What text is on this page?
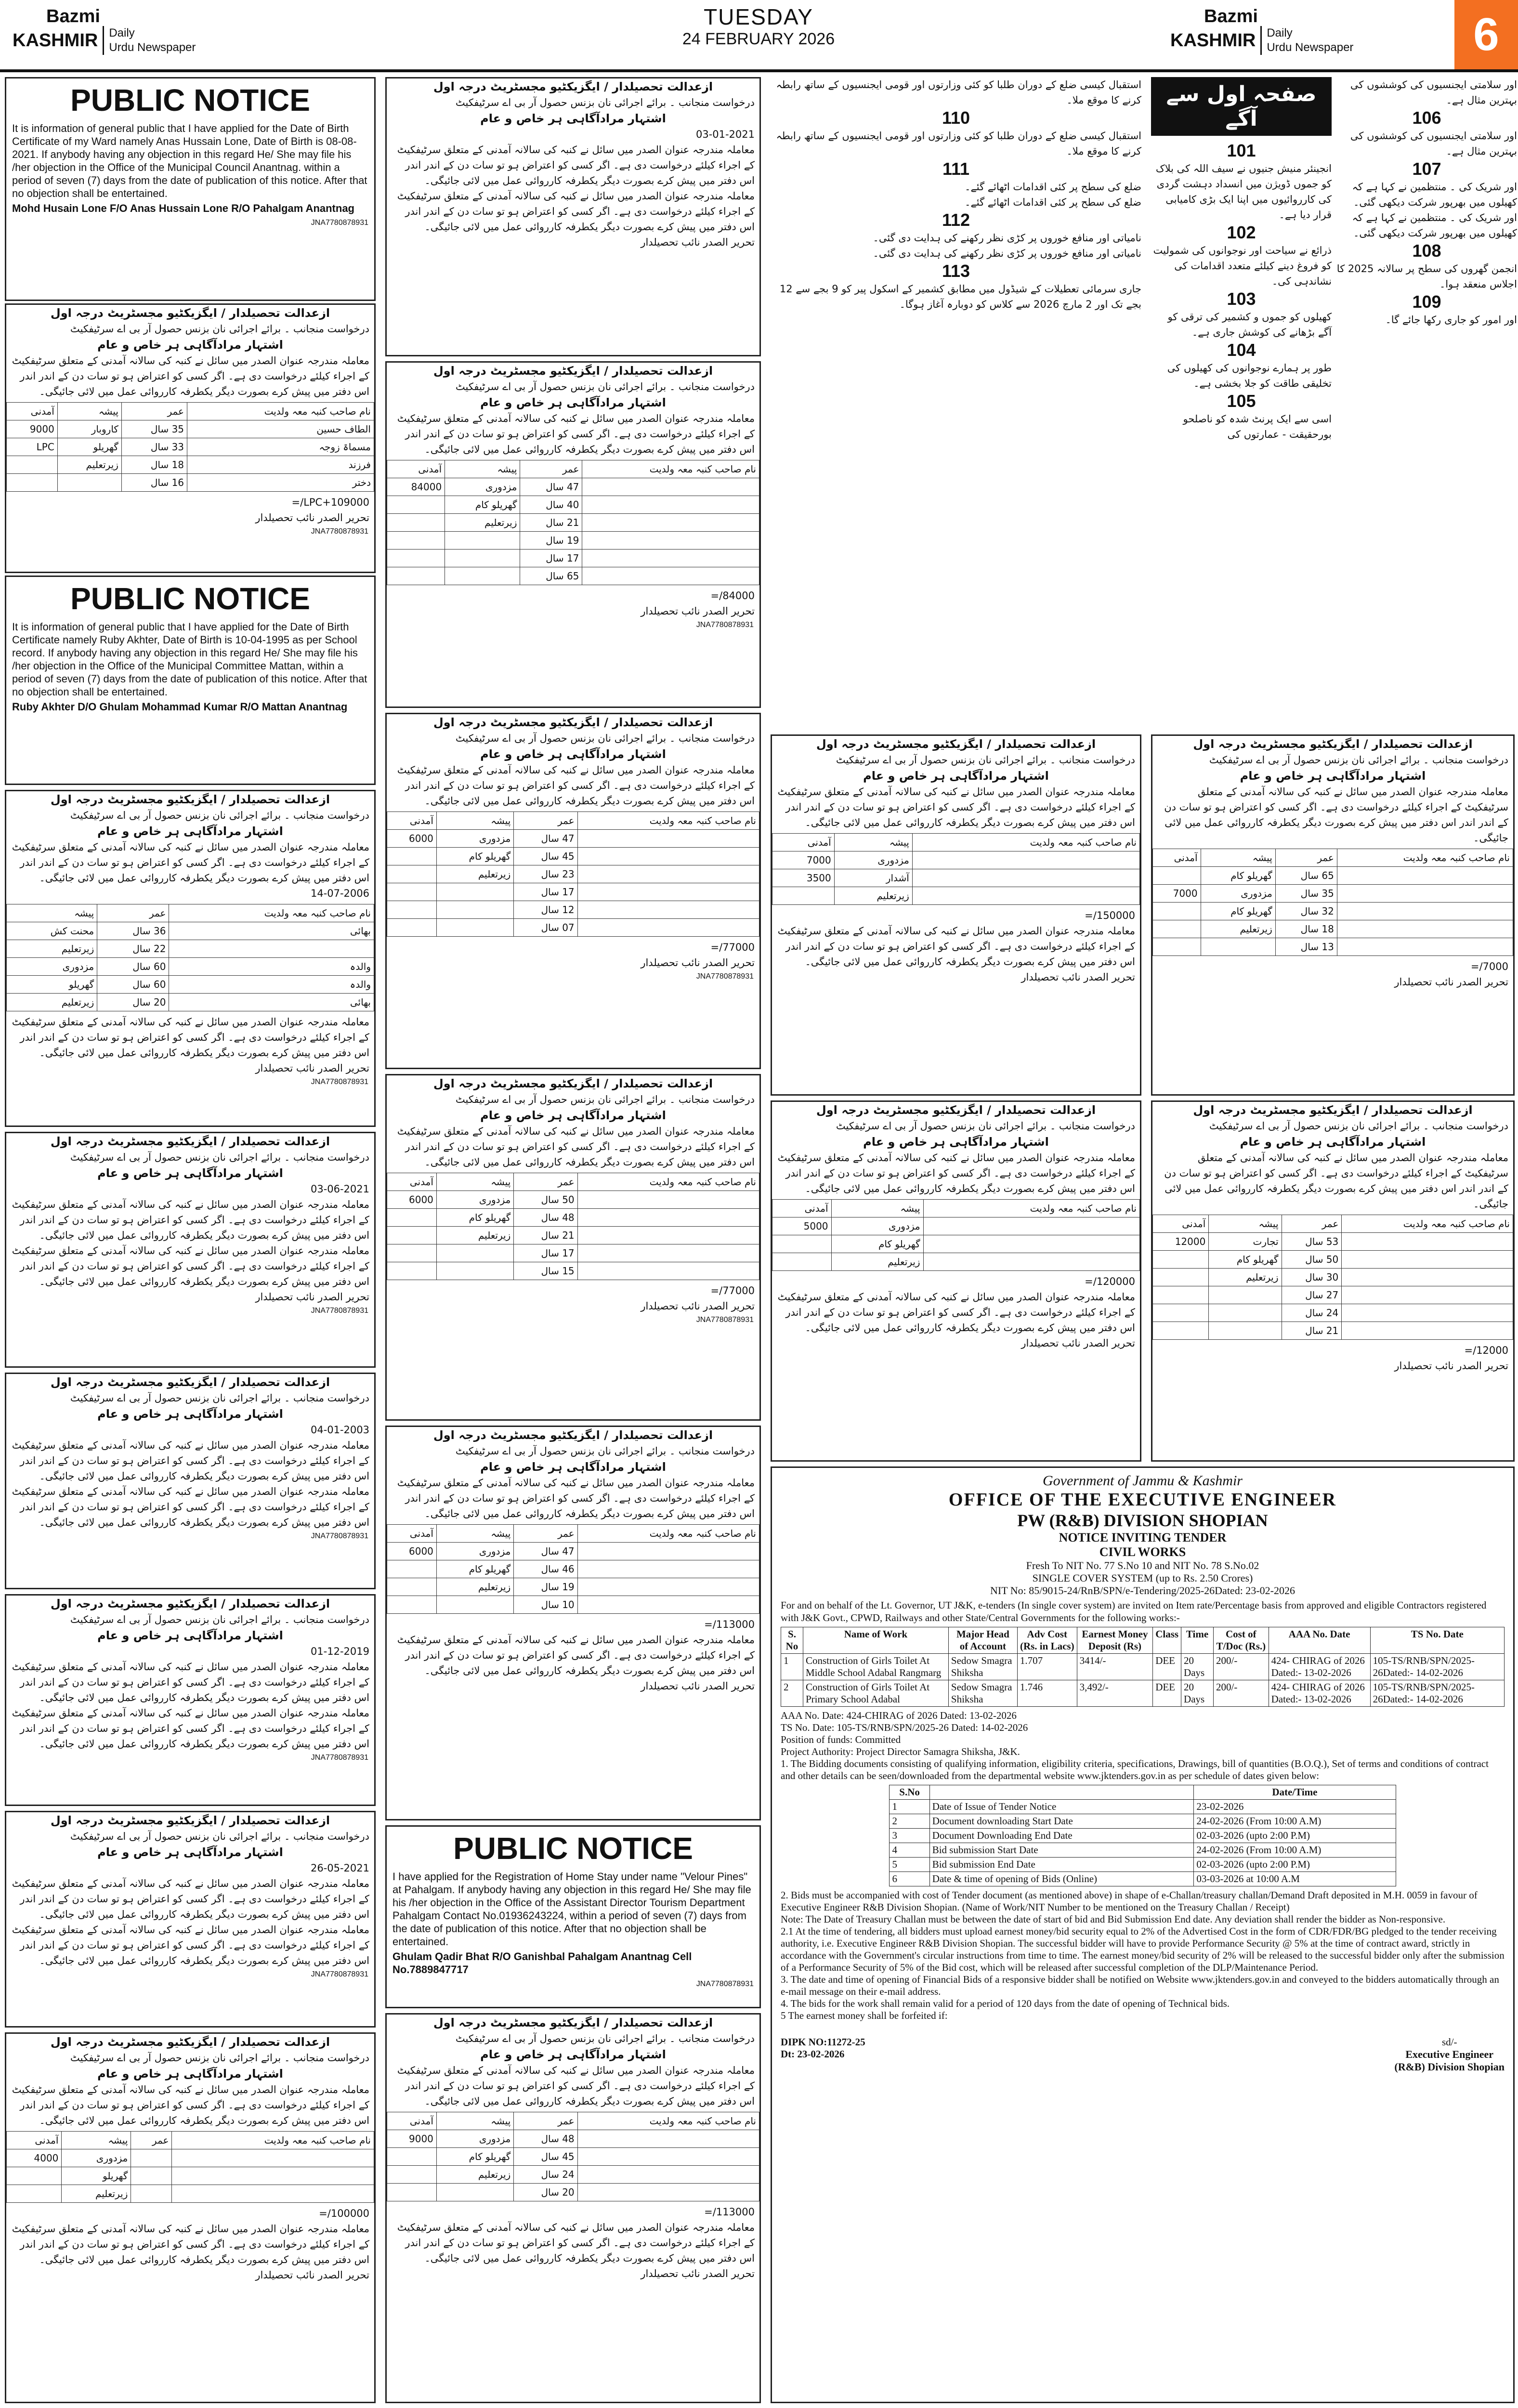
Bazmi
KASHMIR Daily
Urdu Newspaper
TUESDAY
24 FEBRUARY 2026
Bazmi
KASHMIR Daily
Urdu Newspaper	6
PUBLIC NOTICE
It is information of general public that I have applied for the Date of Birth Certificate of my Ward namely Anas Hussain Lone, Date of Birth is 08-08-2021. If anybody having any objection in this regard He/ She may file his /her objection in the Office of the Municipal Council Anantnag. within a period of seven (7) days from the date of publication of this notice. After that no objection shall be entertained.
Mohd Husain Lone F/O Anas Hussain Lone R/O Pahalgam Anantnag
JNA7780878931
ازعدالت تحصیلدار / ایگزیکٹیو مجسٹریٹ درجہ اول
درخواست منجانب ۔ برائے اجرائی نان بزنس حصول آر بی اے سرٹیفکیٹ
اشتہار مرادآگاہی ہر خاص و عام
معاملہ مندرجہ عنوان الصدر میں سائل نے کنبہ کی سالانہ آمدنی کے متعلق سرٹیفکیٹ کے اجراء کیلئے درخواست دی ہے۔ اگر کسی کو اعتراض ہو تو سات دن کے اندر اندر اس دفتر میں پیش کرے بصورت دیگر یکطرفہ کارروائی عمل میں لائی جائیگی۔
نام صاحب کنبہ معہ ولدیت	عمر	پیشہ	آمدنی
الطاف حسین	35 سال	کاروبار	9000
مسماۃ زوجہ	33 سال	گھریلو	LPC
فرزند	18 سال	زیرتعلیم	
دختر	16 سال		
109000+LPC/=
تحریر الصدر نائب تحصیلدار
JNA7780878931
PUBLIC NOTICE
It is information of general public that I have applied for the Date of Birth Certificate namely Ruby Akhter, Date of Birth is 10-04-1995 as per School record. If anybody having any objection in this regard He/ She may file his /her objection in the Office of the Municipal Committee Mattan, within a period of seven (7) days from the date of publication of this notice. After that no objection shall be entertained.
Ruby Akhter D/O Ghulam Mohammad Kumar R/O Mattan Anantnag
ازعدالت تحصیلدار / ایگزیکٹیو مجسٹریٹ درجہ اول
درخواست منجانب ۔ برائے اجرائی نان بزنس حصول آر بی اے سرٹیفکیٹ
اشتہار مرادآگاہی ہر خاص و عام
معاملہ مندرجہ عنوان الصدر میں سائل نے کنبہ کی سالانہ آمدنی کے متعلق سرٹیفکیٹ کے اجراء کیلئے درخواست دی ہے۔ اگر کسی کو اعتراض ہو تو سات دن کے اندر اندر اس دفتر میں پیش کرے بصورت دیگر یکطرفہ کارروائی عمل میں لائی جائیگی۔
14-07-2006
نام صاحب کنبہ معہ ولدیت	عمر	پیشہ
بھائی	36 سال	محنت کش
	22 سال	زیرتعلیم
والدہ	60 سال	مزدوری
والدہ	60 سال	گھریلو
بھائی	20 سال	زیرتعلیم
معاملہ مندرجہ عنوان الصدر میں سائل نے کنبہ کی سالانہ آمدنی کے متعلق سرٹیفکیٹ کے اجراء کیلئے درخواست دی ہے۔ اگر کسی کو اعتراض ہو تو سات دن کے اندر اندر اس دفتر میں پیش کرے بصورت دیگر یکطرفہ کارروائی عمل میں لائی جائیگی۔
تحریر الصدر نائب تحصیلدار
JNA7780878931
ازعدالت تحصیلدار / ایگزیکٹیو مجسٹریٹ درجہ اول
درخواست منجانب ۔ برائے اجرائی نان بزنس حصول آر بی اے سرٹیفکیٹ
اشتہار مرادآگاہی ہر خاص و عام
03-06-2021
معاملہ مندرجہ عنوان الصدر میں سائل نے کنبہ کی سالانہ آمدنی کے متعلق سرٹیفکیٹ کے اجراء کیلئے درخواست دی ہے۔ اگر کسی کو اعتراض ہو تو سات دن کے اندر اندر اس دفتر میں پیش کرے بصورت دیگر یکطرفہ کارروائی عمل میں لائی جائیگی۔
معاملہ مندرجہ عنوان الصدر میں سائل نے کنبہ کی سالانہ آمدنی کے متعلق سرٹیفکیٹ کے اجراء کیلئے درخواست دی ہے۔ اگر کسی کو اعتراض ہو تو سات دن کے اندر اندر اس دفتر میں پیش کرے بصورت دیگر یکطرفہ کارروائی عمل میں لائی جائیگی۔
تحریر الصدر نائب تحصیلدار
JNA7780878931
ازعدالت تحصیلدار / ایگزیکٹیو مجسٹریٹ درجہ اول
درخواست منجانب ۔ برائے اجرائی نان بزنس حصول آر بی اے سرٹیفکیٹ
اشتہار مرادآگاہی ہر خاص و عام
04-01-2003
معاملہ مندرجہ عنوان الصدر میں سائل نے کنبہ کی سالانہ آمدنی کے متعلق سرٹیفکیٹ کے اجراء کیلئے درخواست دی ہے۔ اگر کسی کو اعتراض ہو تو سات دن کے اندر اندر اس دفتر میں پیش کرے بصورت دیگر یکطرفہ کارروائی عمل میں لائی جائیگی۔
معاملہ مندرجہ عنوان الصدر میں سائل نے کنبہ کی سالانہ آمدنی کے متعلق سرٹیفکیٹ کے اجراء کیلئے درخواست دی ہے۔ اگر کسی کو اعتراض ہو تو سات دن کے اندر اندر اس دفتر میں پیش کرے بصورت دیگر یکطرفہ کارروائی عمل میں لائی جائیگی۔
JNA7780878931
ازعدالت تحصیلدار / ایگزیکٹیو مجسٹریٹ درجہ اول
درخواست منجانب ۔ برائے اجرائی نان بزنس حصول آر بی اے سرٹیفکیٹ
اشتہار مرادآگاہی ہر خاص و عام
01-12-2019
معاملہ مندرجہ عنوان الصدر میں سائل نے کنبہ کی سالانہ آمدنی کے متعلق سرٹیفکیٹ کے اجراء کیلئے درخواست دی ہے۔ اگر کسی کو اعتراض ہو تو سات دن کے اندر اندر اس دفتر میں پیش کرے بصورت دیگر یکطرفہ کارروائی عمل میں لائی جائیگی۔
معاملہ مندرجہ عنوان الصدر میں سائل نے کنبہ کی سالانہ آمدنی کے متعلق سرٹیفکیٹ کے اجراء کیلئے درخواست دی ہے۔ اگر کسی کو اعتراض ہو تو سات دن کے اندر اندر اس دفتر میں پیش کرے بصورت دیگر یکطرفہ کارروائی عمل میں لائی جائیگی۔
JNA7780878931
ازعدالت تحصیلدار / ایگزیکٹیو مجسٹریٹ درجہ اول
درخواست منجانب ۔ برائے اجرائی نان بزنس حصول آر بی اے سرٹیفکیٹ
اشتہار مرادآگاہی ہر خاص و عام
26-05-2021
معاملہ مندرجہ عنوان الصدر میں سائل نے کنبہ کی سالانہ آمدنی کے متعلق سرٹیفکیٹ کے اجراء کیلئے درخواست دی ہے۔ اگر کسی کو اعتراض ہو تو سات دن کے اندر اندر اس دفتر میں پیش کرے بصورت دیگر یکطرفہ کارروائی عمل میں لائی جائیگی۔
معاملہ مندرجہ عنوان الصدر میں سائل نے کنبہ کی سالانہ آمدنی کے متعلق سرٹیفکیٹ کے اجراء کیلئے درخواست دی ہے۔ اگر کسی کو اعتراض ہو تو سات دن کے اندر اندر اس دفتر میں پیش کرے بصورت دیگر یکطرفہ کارروائی عمل میں لائی جائیگی۔
JNA7780878931
ازعدالت تحصیلدار / ایگزیکٹیو مجسٹریٹ درجہ اول
درخواست منجانب ۔ برائے اجرائی نان بزنس حصول آر بی اے سرٹیفکیٹ
اشتہار مرادآگاہی ہر خاص و عام
معاملہ مندرجہ عنوان الصدر میں سائل نے کنبہ کی سالانہ آمدنی کے متعلق سرٹیفکیٹ کے اجراء کیلئے درخواست دی ہے۔ اگر کسی کو اعتراض ہو تو سات دن کے اندر اندر اس دفتر میں پیش کرے بصورت دیگر یکطرفہ کارروائی عمل میں لائی جائیگی۔
نام صاحب کنبہ معہ ولدیت	عمر	پیشہ	آمدنی
		مزدوری	4000
		گھریلو	
		زیرتعلیم	
100000/=
معاملہ مندرجہ عنوان الصدر میں سائل نے کنبہ کی سالانہ آمدنی کے متعلق سرٹیفکیٹ کے اجراء کیلئے درخواست دی ہے۔ اگر کسی کو اعتراض ہو تو سات دن کے اندر اندر اس دفتر میں پیش کرے بصورت دیگر یکطرفہ کارروائی عمل میں لائی جائیگی۔
تحریر الصدر نائب تحصیلدار
ازعدالت تحصیلدار / ایگزیکٹیو مجسٹریٹ درجہ اول
درخواست منجانب ۔ برائے اجرائی نان بزنس حصول آر بی اے سرٹیفکیٹ
اشتہار مرادآگاہی ہر خاص و عام
03-01-2021
معاملہ مندرجہ عنوان الصدر میں سائل نے کنبہ کی سالانہ آمدنی کے متعلق سرٹیفکیٹ کے اجراء کیلئے درخواست دی ہے۔ اگر کسی کو اعتراض ہو تو سات دن کے اندر اندر اس دفتر میں پیش کرے بصورت دیگر یکطرفہ کارروائی عمل میں لائی جائیگی۔
معاملہ مندرجہ عنوان الصدر میں سائل نے کنبہ کی سالانہ آمدنی کے متعلق سرٹیفکیٹ کے اجراء کیلئے درخواست دی ہے۔ اگر کسی کو اعتراض ہو تو سات دن کے اندر اندر اس دفتر میں پیش کرے بصورت دیگر یکطرفہ کارروائی عمل میں لائی جائیگی۔
تحریر الصدر نائب تحصیلدار
ازعدالت تحصیلدار / ایگزیکٹیو مجسٹریٹ درجہ اول
درخواست منجانب ۔ برائے اجرائی نان بزنس حصول آر بی اے سرٹیفکیٹ
اشتہار مرادآگاہی ہر خاص و عام
معاملہ مندرجہ عنوان الصدر میں سائل نے کنبہ کی سالانہ آمدنی کے متعلق سرٹیفکیٹ کے اجراء کیلئے درخواست دی ہے۔ اگر کسی کو اعتراض ہو تو سات دن کے اندر اندر اس دفتر میں پیش کرے بصورت دیگر یکطرفہ کارروائی عمل میں لائی جائیگی۔
نام صاحب کنبہ معہ ولدیت	عمر	پیشہ	آمدنی
	47 سال	مزدوری	84000
	40 سال	گھریلو کام	
	21 سال	زیرتعلیم	
	19 سال		
	17 سال		
	65 سال		
84000/=
تحریر الصدر نائب تحصیلدار
JNA7780878931
ازعدالت تحصیلدار / ایگزیکٹیو مجسٹریٹ درجہ اول
درخواست منجانب ۔ برائے اجرائی نان بزنس حصول آر بی اے سرٹیفکیٹ
اشتہار مرادآگاہی ہر خاص و عام
معاملہ مندرجہ عنوان الصدر میں سائل نے کنبہ کی سالانہ آمدنی کے متعلق سرٹیفکیٹ کے اجراء کیلئے درخواست دی ہے۔ اگر کسی کو اعتراض ہو تو سات دن کے اندر اندر اس دفتر میں پیش کرے بصورت دیگر یکطرفہ کارروائی عمل میں لائی جائیگی۔
نام صاحب کنبہ معہ ولدیت	عمر	پیشہ	آمدنی
	47 سال	مزدوری	6000
	45 سال	گھریلو کام	
	23 سال	زیرتعلیم	
	17 سال		
	12 سال		
	07 سال		
77000/=
تحریر الصدر نائب تحصیلدار
JNA7780878931
ازعدالت تحصیلدار / ایگزیکٹیو مجسٹریٹ درجہ اول
درخواست منجانب ۔ برائے اجرائی نان بزنس حصول آر بی اے سرٹیفکیٹ
اشتہار مرادآگاہی ہر خاص و عام
معاملہ مندرجہ عنوان الصدر میں سائل نے کنبہ کی سالانہ آمدنی کے متعلق سرٹیفکیٹ کے اجراء کیلئے درخواست دی ہے۔ اگر کسی کو اعتراض ہو تو سات دن کے اندر اندر اس دفتر میں پیش کرے بصورت دیگر یکطرفہ کارروائی عمل میں لائی جائیگی۔
نام صاحب کنبہ معہ ولدیت	عمر	پیشہ	آمدنی
	50 سال	مزدوری	6000
	48 سال	گھریلو کام	
	21 سال	زیرتعلیم	
	17 سال		
	15 سال		
77000/=
تحریر الصدر نائب تحصیلدار
JNA7780878931
ازعدالت تحصیلدار / ایگزیکٹیو مجسٹریٹ درجہ اول
درخواست منجانب ۔ برائے اجرائی نان بزنس حصول آر بی اے سرٹیفکیٹ
اشتہار مرادآگاہی ہر خاص و عام
معاملہ مندرجہ عنوان الصدر میں سائل نے کنبہ کی سالانہ آمدنی کے متعلق سرٹیفکیٹ کے اجراء کیلئے درخواست دی ہے۔ اگر کسی کو اعتراض ہو تو سات دن کے اندر اندر اس دفتر میں پیش کرے بصورت دیگر یکطرفہ کارروائی عمل میں لائی جائیگی۔
نام صاحب کنبہ معہ ولدیت	عمر	پیشہ	آمدنی
	47 سال	مزدوری	6000
	46 سال	گھریلو کام	
	19 سال	زیرتعلیم	
	10 سال		
113000/=
معاملہ مندرجہ عنوان الصدر میں سائل نے کنبہ کی سالانہ آمدنی کے متعلق سرٹیفکیٹ کے اجراء کیلئے درخواست دی ہے۔ اگر کسی کو اعتراض ہو تو سات دن کے اندر اندر اس دفتر میں پیش کرے بصورت دیگر یکطرفہ کارروائی عمل میں لائی جائیگی۔
تحریر الصدر نائب تحصیلدار
PUBLIC NOTICE
I have applied for the Registration of Home Stay under name "Velour Pines" at Pahalgam. If anybody having any objection in this regard He/ She may file his /her objection in the Office of the Assistant Director Tourism Department Pahalgam Contact No.01936243224, within a period of seven (7) days from the date of publication of this notice. After that no objection shall be entertained.
Ghulam Qadir Bhat R/O Ganishbal Pahalgam Anantnag Cell No.7889847717
JNA7780878931
ازعدالت تحصیلدار / ایگزیکٹیو مجسٹریٹ درجہ اول
درخواست منجانب ۔ برائے اجرائی نان بزنس حصول آر بی اے سرٹیفکیٹ
اشتہار مرادآگاہی ہر خاص و عام
معاملہ مندرجہ عنوان الصدر میں سائل نے کنبہ کی سالانہ آمدنی کے متعلق سرٹیفکیٹ کے اجراء کیلئے درخواست دی ہے۔ اگر کسی کو اعتراض ہو تو سات دن کے اندر اندر اس دفتر میں پیش کرے بصورت دیگر یکطرفہ کارروائی عمل میں لائی جائیگی۔
نام صاحب کنبہ معہ ولدیت	عمر	پیشہ	آمدنی
	48 سال	مزدوری	9000
	45 سال	گھریلو کام	
	24 سال	زیرتعلیم	
	20 سال		
113000/=
معاملہ مندرجہ عنوان الصدر میں سائل نے کنبہ کی سالانہ آمدنی کے متعلق سرٹیفکیٹ کے اجراء کیلئے درخواست دی ہے۔ اگر کسی کو اعتراض ہو تو سات دن کے اندر اندر اس دفتر میں پیش کرے بصورت دیگر یکطرفہ کارروائی عمل میں لائی جائیگی۔
تحریر الصدر نائب تحصیلدار
استقبال کیسی ضلع کے دوران طلبا کو کئی وزارتوں اور قومی ایجنسیوں کے ساتھ رابطہ کرنے کا موقع ملا۔
110
استقبال کیسی ضلع کے دوران طلبا کو کئی وزارتوں اور قومی ایجنسیوں کے ساتھ رابطہ کرنے کا موقع ملا۔
111
ضلع کی سطح پر کئی اقدامات اٹھائے گئے۔
ضلع کی سطح پر کئی اقدامات اٹھائے گئے۔
112
نامیاتی اور منافع خوروں پر کڑی نظر رکھنے کی ہدایت دی گئی۔
نامیاتی اور منافع خوروں پر کڑی نظر رکھنے کی ہدایت دی گئی۔
113
جاری سرمائی تعطیلات کے شیڈول میں مطابق کشمیر کے اسکول پیر کو 9 بجے سے 12 بجے تک اور 2 مارچ 2026 سے کلاس کو دوبارہ آغاز ہوگا۔
اور سلامتی ایجنسیوں کی کوششوں کی بہترین مثال ہے۔
106
اور سلامتی ایجنسیوں کی کوششوں کی بہترین مثال ہے۔
107
اور شریک کی ۔ منتظمین نے کہا ہے کہ کھیلوں میں بھرپور شرکت دیکھی گئی۔
اور شریک کی ۔ منتظمین نے کہا ہے کہ کھیلوں میں بھرپور شرکت دیکھی گئی۔
108
انجمن گھروں کی سطح پر سالانہ 2025 کا اجلاس منعقد ہوا۔
109
اور امور کو جاری رکھا جائے گا۔
صفحہ اول سے آگے
101
انجینئر منیش جنیوں نے سیف اللہ کی بلاک کو جموں ڈویژن میں انسداد دہشت گردی کی کارروائیوں میں اپنا ایک بڑی کامیابی قرار دیا ہے۔
102
ذرائع نے سیاحت اور نوجوانوں کی شمولیت کو فروغ دینے کیلئے متعدد اقدامات کی نشاندہی کی۔
103
کھیلوں کو جموں و کشمیر کی ترقی کو آگے بڑھانے کی کوشش جاری ہے۔
104
طور پر ہمارے نوجوانوں کی کھیلوں کی تخلیقی طاقت کو جلا بخشی ہے۔
105
اسی سے ایک پرنٹ شدہ کو ناصلحو بورحقیقت - عمارتوں کی
ازعدالت تحصیلدار / ایگزیکٹیو مجسٹریٹ درجہ اول
درخواست منجانب ۔ برائے اجرائی نان بزنس حصول آر بی اے سرٹیفکیٹ
اشتہار مرادآگاہی ہر خاص و عام
معاملہ مندرجہ عنوان الصدر میں سائل نے کنبہ کی سالانہ آمدنی کے متعلق سرٹیفکیٹ کے اجراء کیلئے درخواست دی ہے۔ اگر کسی کو اعتراض ہو تو سات دن کے اندر اندر اس دفتر میں پیش کرے بصورت دیگر یکطرفہ کارروائی عمل میں لائی جائیگی۔
نام صاحب کنبہ معہ ولدیت	پیشہ	آمدنی
	مزدوری	7000
	آشدار	3500
	زیرتعلیم	
150000/=
معاملہ مندرجہ عنوان الصدر میں سائل نے کنبہ کی سالانہ آمدنی کے متعلق سرٹیفکیٹ کے اجراء کیلئے درخواست دی ہے۔ اگر کسی کو اعتراض ہو تو سات دن کے اندر اندر اس دفتر میں پیش کرے بصورت دیگر یکطرفہ کارروائی عمل میں لائی جائیگی۔
تحریر الصدر نائب تحصیلدار
ازعدالت تحصیلدار / ایگزیکٹیو مجسٹریٹ درجہ اول
درخواست منجانب ۔ برائے اجرائی نان بزنس حصول آر بی اے سرٹیفکیٹ
اشتہار مرادآگاہی ہر خاص و عام
معاملہ مندرجہ عنوان الصدر میں سائل نے کنبہ کی سالانہ آمدنی کے متعلق سرٹیفکیٹ کے اجراء کیلئے درخواست دی ہے۔ اگر کسی کو اعتراض ہو تو سات دن کے اندر اندر اس دفتر میں پیش کرے بصورت دیگر یکطرفہ کارروائی عمل میں لائی جائیگی۔
نام صاحب کنبہ معہ ولدیت	پیشہ	آمدنی
	مزدوری	5000
	گھریلو کام	
	زیرتعلیم	
120000/=
معاملہ مندرجہ عنوان الصدر میں سائل نے کنبہ کی سالانہ آمدنی کے متعلق سرٹیفکیٹ کے اجراء کیلئے درخواست دی ہے۔ اگر کسی کو اعتراض ہو تو سات دن کے اندر اندر اس دفتر میں پیش کرے بصورت دیگر یکطرفہ کارروائی عمل میں لائی جائیگی۔
تحریر الصدر نائب تحصیلدار
ازعدالت تحصیلدار / ایگزیکٹیو مجسٹریٹ درجہ اول
درخواست منجانب ۔ برائے اجرائی نان بزنس حصول آر بی اے سرٹیفکیٹ
اشتہار مرادآگاہی ہر خاص و عام
معاملہ مندرجہ عنوان الصدر میں سائل نے کنبہ کی سالانہ آمدنی کے متعلق سرٹیفکیٹ کے اجراء کیلئے درخواست دی ہے۔ اگر کسی کو اعتراض ہو تو سات دن کے اندر اندر اس دفتر میں پیش کرے بصورت دیگر یکطرفہ کارروائی عمل میں لائی جائیگی۔
نام صاحب کنبہ معہ ولدیت	عمر	پیشہ	آمدنی
	65 سال	گھریلو کام	
	35 سال	مزدوری	7000
	32 سال	گھریلو کام	
	18 سال	زیرتعلیم	
	13 سال		
7000/=
تحریر الصدر نائب تحصیلدار
ازعدالت تحصیلدار / ایگزیکٹیو مجسٹریٹ درجہ اول
درخواست منجانب ۔ برائے اجرائی نان بزنس حصول آر بی اے سرٹیفکیٹ
اشتہار مرادآگاہی ہر خاص و عام
معاملہ مندرجہ عنوان الصدر میں سائل نے کنبہ کی سالانہ آمدنی کے متعلق سرٹیفکیٹ کے اجراء کیلئے درخواست دی ہے۔ اگر کسی کو اعتراض ہو تو سات دن کے اندر اندر اس دفتر میں پیش کرے بصورت دیگر یکطرفہ کارروائی عمل میں لائی جائیگی۔
نام صاحب کنبہ معہ ولدیت	عمر	پیشہ	آمدنی
	53 سال	تجارت	12000
	50 سال	گھریلو کام	
	30 سال	زیرتعلیم	
	27 سال		
	24 سال		
	21 سال		
12000/=
تحریر الصدر نائب تحصیلدار
Government of Jammu & Kashmir
OFFICE OF THE EXECUTIVE ENGINEER
PW (R&B) DIVISION SHOPIAN
NOTICE INVITING TENDER
CIVIL WORKS
Fresh To NIT No. 77 S.No 10 and NIT No. 78 S.No.02
SINGLE COVER SYSTEM (up to Rs. 2.50 Crores)
NIT No: 85/9015-24/RnB/SPN/e-Tendering/2025-26Dated: 23-02-2026
For and on behalf of the Lt. Governor, UT J&K, e-tenders (In single cover system) are invited on Item rate/Percentage basis from approved and eligible Contractors registered with J&K Govt., CPWD, Railways and other State/Central Governments for the following works:-
S. No	Name of Work	Major Head of Account	Adv Cost (Rs. in Lacs)	Earnest Money Deposit (Rs)	Class	Time	Cost of T/Doc (Rs.)	AAA No. Date	TS No. Date
1	Construction of Girls Toilet At Middle School Adabal Rangmarg	Sedow Smagra Shiksha	1.707	3414/-	DEE	20 Days	200/-	424- CHIRAG of 2026 Dated:- 13-02-2026	105-TS/RNB/SPN/2025-26Dated:- 14-02-2026
2	Construction of Girls Toilet At Primary School Adabal	Sedow Smagra Shiksha	1.746	3,492/-	DEE	20 Days	200/-	424- CHIRAG of 2026 Dated:- 13-02-2026	105-TS/RNB/SPN/2025-26Dated:- 14-02-2026
AAA No. Date: 424-CHIRAG of 2026 Dated: 13-02-2026
TS No. Date: 105-TS/RNB/SPN/2025-26 Dated: 14-02-2026
Position of funds: Committed
Project Authority: Project Director Samagra Shiksha, J&K.
1. The Bidding documents consisting of qualifying information, eligibility criteria, specifications, Drawings, bill of quantities (B.O.Q.), Set of terms and conditions of contract and other details can be seen/downloaded from the departmental website www.jktenders.gov.in as per schedule of dates given below:
S.No		Date/Time
1	Date of Issue of Tender Notice	23-02-2026
2	Document downloading Start Date	24-02-2026 (From 10:00 A.M)
3	Document Downloading End Date	02-03-2026 (upto 2:00 P.M)
4	Bid submission Start Date	24-02-2026 (From 10:00 A.M)
5	Bid submission End Date	02-03-2026 (upto 2:00 P.M)
6	Date & time of opening of Bids (Online)	03-03-2026 at 10:00 A.M
2. Bids must be accompanied with cost of Tender document (as mentioned above) in shape of e-Challan/treasury challan/Demand Draft deposited in M.H. 0059 in favour of Executive Engineer R&B Division Shopian. (Name of Work/NIT Number to be mentioned on the Treasury Challan / Receipt)
Note: The Date of Treasury Challan must be between the date of start of bid and Bid Submission End date. Any deviation shall render the bidder as Non-responsive.
2.1 At the time of tendering, all bidders must upload earnest money/bid security equal to 2% of the Advertised Cost in the form of CDR/FDR/BG pledged to the tender receiving authority, i.e. Executive Engineer R&B Division Shopian. The successful bidder will have to provide Performance Security @ 5% at the time of contract award, strictly in accordance with the Government's circular instructions from time to time. The earnest money/bid security of 2% will be released to the successful bidder only after the submission of a Performance Security of 5% of the Bid cost, which will be released after successful completion of the DLP/Maintenance Period.
3. The date and time of opening of Financial Bids of a responsive bidder shall be notified on Website www.jktenders.gov.in and conveyed to the bidders automatically through an e-mail message on their e-mail address.
4. The bids for the work shall remain valid for a period of 120 days from the date of opening of Technical bids.
5 The earnest money shall be forfeited if:
DIPK NO:11272-25
Dt: 23-02-2026
sd/-
Executive Engineer
(R&B) Division Shopian
